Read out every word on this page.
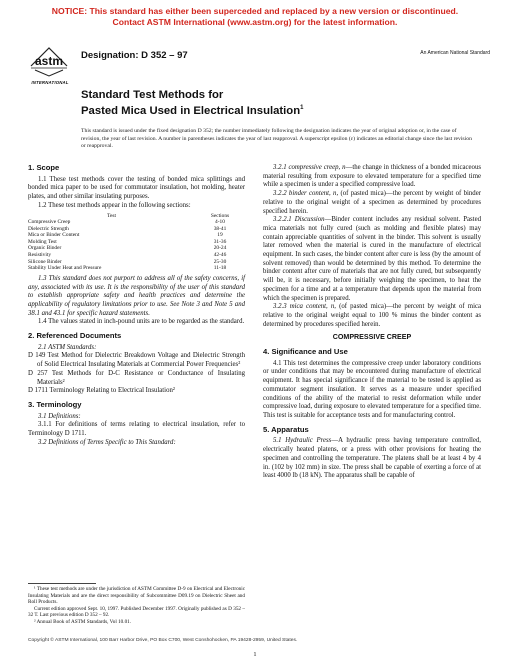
NOTICE: This standard has either been superceded and replaced by a new version or discontinued.
Contact ASTM International (www.astm.org) for the latest information.
astm
INTERNATIONAL
Designation: D 352 – 97	An American National Standard
Standard Test Methods for
Pasted Mica Used in Electrical Insulation$^1$
This standard is issued under the fixed designation D 352; the number immediately following the designation indicates the year of original adoption or, in the case of revision, the year of last revision. A number in parentheses indicates the year of last reapproval. A superscript epsilon (ε) indicates an editorial change since the last revision or reapproval.
1. Scope

1.1 These test methods cover the testing of bonded mica splittings and bonded mica paper to be used for commutator insulation, hot molding, heater plates, and other similar insulating purposes.

1.2 These test methods appear in the following sections:

Test	Sections
Compressive Creep	4-10
Dielectric Strength	38-41
Mica or Binder Content	19
Molding Test	31-36
Organic Binder	20-24
Resistivity	42-46
Silicone Binder	25-30
Stability Under Heat and Pressure	11-18

1.3 This standard does not purport to address all of the safety concerns, if any, associated with its use. It is the responsibility of the user of this standard to establish appropriate safety and health practices and determine the applicability of regulatory limitations prior to use. See Note 3 and Note 5 and 38.1 and 43.1 for specific hazard statements.

1.4 The values stated in inch-pound units are to be regarded as the standard.

2. Referenced Documents

2.1 ASTM Standards:

D 149 Test Method for Dielectric Breakdown Voltage and Dielectric Strength of Solid Electrical Insulating Materials at Commercial Power Frequencies²

D 257 Test Methods for D-C Resistance or Conductance of Insulating Materials²

D 1711 Terminology Relating to Electrical Insulation²

3. Terminology

3.1 Definitions:

3.1.1 For definitions of terms relating to electrical insulation, refer to Terminology D 1711.

3.2 Definitions of Terms Specific to This Standard:

¹ These test methods are under the jurisdiction of ASTM Committee D-9 on Electrical and Electronic Insulating Materials and are the direct responsibility of Subcommittee D09.19 on Dielectric Sheet and Roll Products.

Current edition approved Sept. 10, 1997. Published December 1997. Originally published as D 352 – 32 T. Last previous edition D 352 – 92.

² Annual Book of ASTM Standards, Vol 10.01.

3.2.1 compressive creep, n—the change in thickness of a bonded micaceous material resulting from exposure to elevated temperature for a specified time while a specimen is under a specified compressive load.

3.2.2 binder content, n, (of pasted mica)—the percent by weight of binder relative to the original weight of a specimen as determined by procedures specified herein.

3.2.2.1 Discussion—Binder content includes any residual solvent. Pasted mica materials not fully cured (such as molding and flexible plates) may contain appreciable quantities of solvent in the binder. This solvent is usually later removed when the material is cured in the manufacture of electrical equipment. In such cases, the binder content after cure is less (by the amount of solvent removed) than would be determined by this method. To determine the binder content after cure of materials that are not fully cured, but subsequently will be, it is necessary, before initially weighing the specimen, to heat the specimen for a time and at a temperature that depends upon the material from which the specimen is prepared.

3.2.3 mica content, n, (of pasted mica)—the percent by weight of mica relative to the original weight equal to 100 % minus the binder content as determined by procedures specified herein.

COMPRESSIVE CREEP
4. Significance and Use

4.1 This test determines the compressive creep under laboratory conditions or under conditions that may be encountered during manufacture of electrical equipment. It has special significance if the material to be tested is applied as commutator segment insulation. It serves as a measure under specified conditions of the ability of the material to resist deformation while under compressive load, during exposure to elevated temperature for a specified time. This test is suitable for acceptance tests and for manufacturing control.

5. Apparatus

5.1 Hydraulic Press—A hydraulic press having temperature controlled, electrically heated platens, or a press with other provisions for heating the specimen and controlling the temperature. The platens shall be at least 4 by 4 in. (102 by 102 mm) in size. The press shall be capable of exerting a force of at least 4000 lb (18 kN). The apparatus shall be capable of

Copyright © ASTM International, 100 Barr Harbor Drive, PO Box C700, West Conshohocken, PA 19428-2959, United States.
1
